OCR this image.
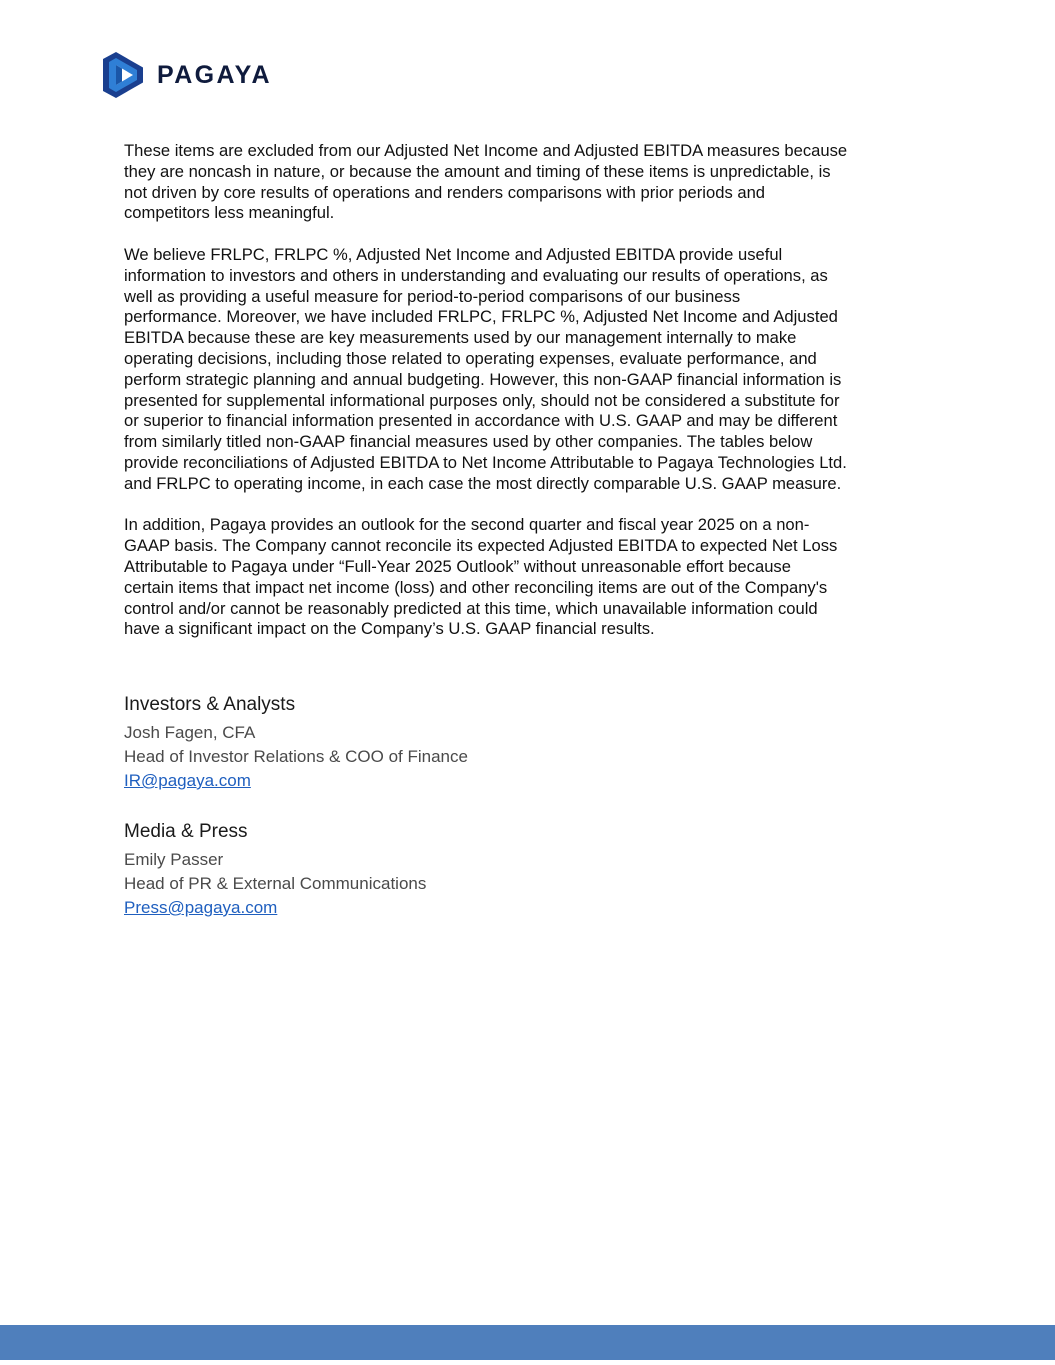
PAGAYA

These items are excluded from our Adjusted Net Income and Adjusted EBITDA measures because
they are noncash in nature, or because the amount and timing of these items is unpredictable, is
not driven by core results of operations and renders comparisons with prior periods and
competitors less meaningful.

We believe FRLPC, FRLPC %, Adjusted Net Income and Adjusted EBITDA provide useful
information to investors and others in understanding and evaluating our results of operations, as
well as providing a useful measure for period-to-period comparisons of our business
performance. Moreover, we have included FRLPC, FRLPC %, Adjusted Net Income and Adjusted
EBITDA because these are key measurements used by our management internally to make
operating decisions, including those related to operating expenses, evaluate performance, and
perform strategic planning and annual budgeting. However, this non-GAAP financial information is
presented for supplemental informational purposes only, should not be considered a substitute for
or superior to financial information presented in accordance with U.S. GAAP and may be different
from similarly titled non-GAAP financial measures used by other companies. The tables below
provide reconciliations of Adjusted EBITDA to Net Income Attributable to Pagaya Technologies Ltd.
and FRLPC to operating income, in each case the most directly comparable U.S. GAAP measure.

In addition, Pagaya provides an outlook for the second quarter and fiscal year 2025 on a non-
GAAP basis. The Company cannot reconcile its expected Adjusted EBITDA to expected Net Loss
Attributable to Pagaya under “Full-Year 2025 Outlook” without unreasonable effort because
certain items that impact net income (loss) and other reconciling items are out of the Company's
control and/or cannot be reasonably predicted at this time, which unavailable information could
have a significant impact on the Company’s U.S. GAAP financial results.

Investors & Analysts
Josh Fagen, CFA
Head of Investor Relations & COO of Finance
IR@pagaya.com
Media & Press
Emily Passer
Head of PR & External Communications
Press@pagaya.com
